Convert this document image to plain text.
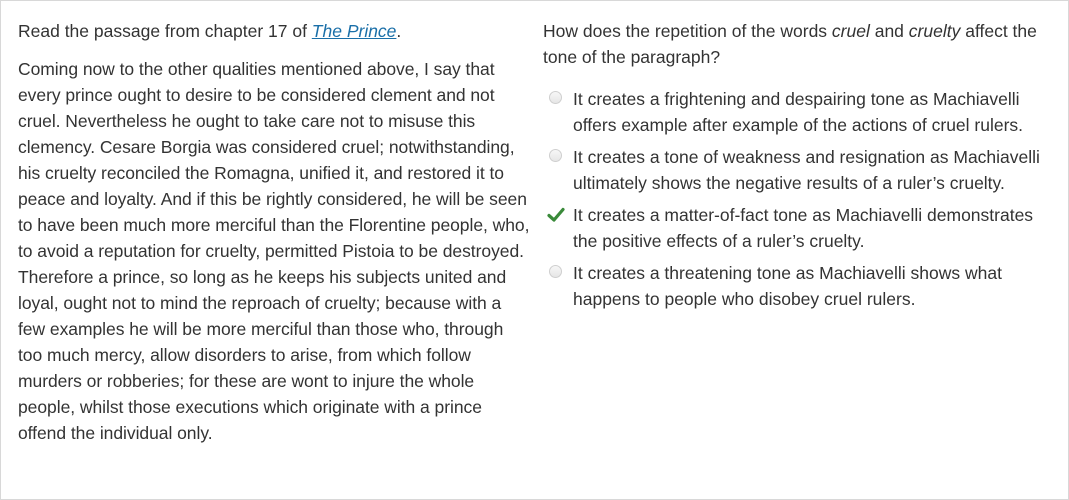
Read the passage from chapter 17 of The Prince.

Coming now to the other qualities mentioned above, I say that every prince ought to desire to be considered clement and not cruel. Nevertheless he ought to take care not to misuse this clemency. Cesare Borgia was considered cruel; notwithstanding, his cruelty reconciled the Romagna, unified it, and restored it to peace and loyalty. And if this be rightly considered, he will be seen to have been much more merciful than the Florentine people, who, to avoid a reputation for cruelty, permitted Pistoia to be destroyed. Therefore a prince, so long as he keeps his subjects united and loyal, ought not to mind the reproach of cruelty; because with a few examples he will be more merciful than those who, through too much mercy, allow disorders to arise, from which follow murders or robberies; for these are wont to injure the whole people, whilst those executions which originate with a prince offend the individual only.

How does the repetition of the words cruel and cruelty affect the tone of the paragraph?

It creates a frightening and despairing tone as Machiavelli offers example after example of the actions of cruel rulers.
It creates a tone of weakness and resignation as Machiavelli ultimately shows the negative results of a ruler’s cruelty.
It creates a matter-of-fact tone as Machiavelli demonstrates the positive effects of a ruler’s cruelty.
It creates a threatening tone as Machiavelli shows what happens to people who disobey cruel rulers.
